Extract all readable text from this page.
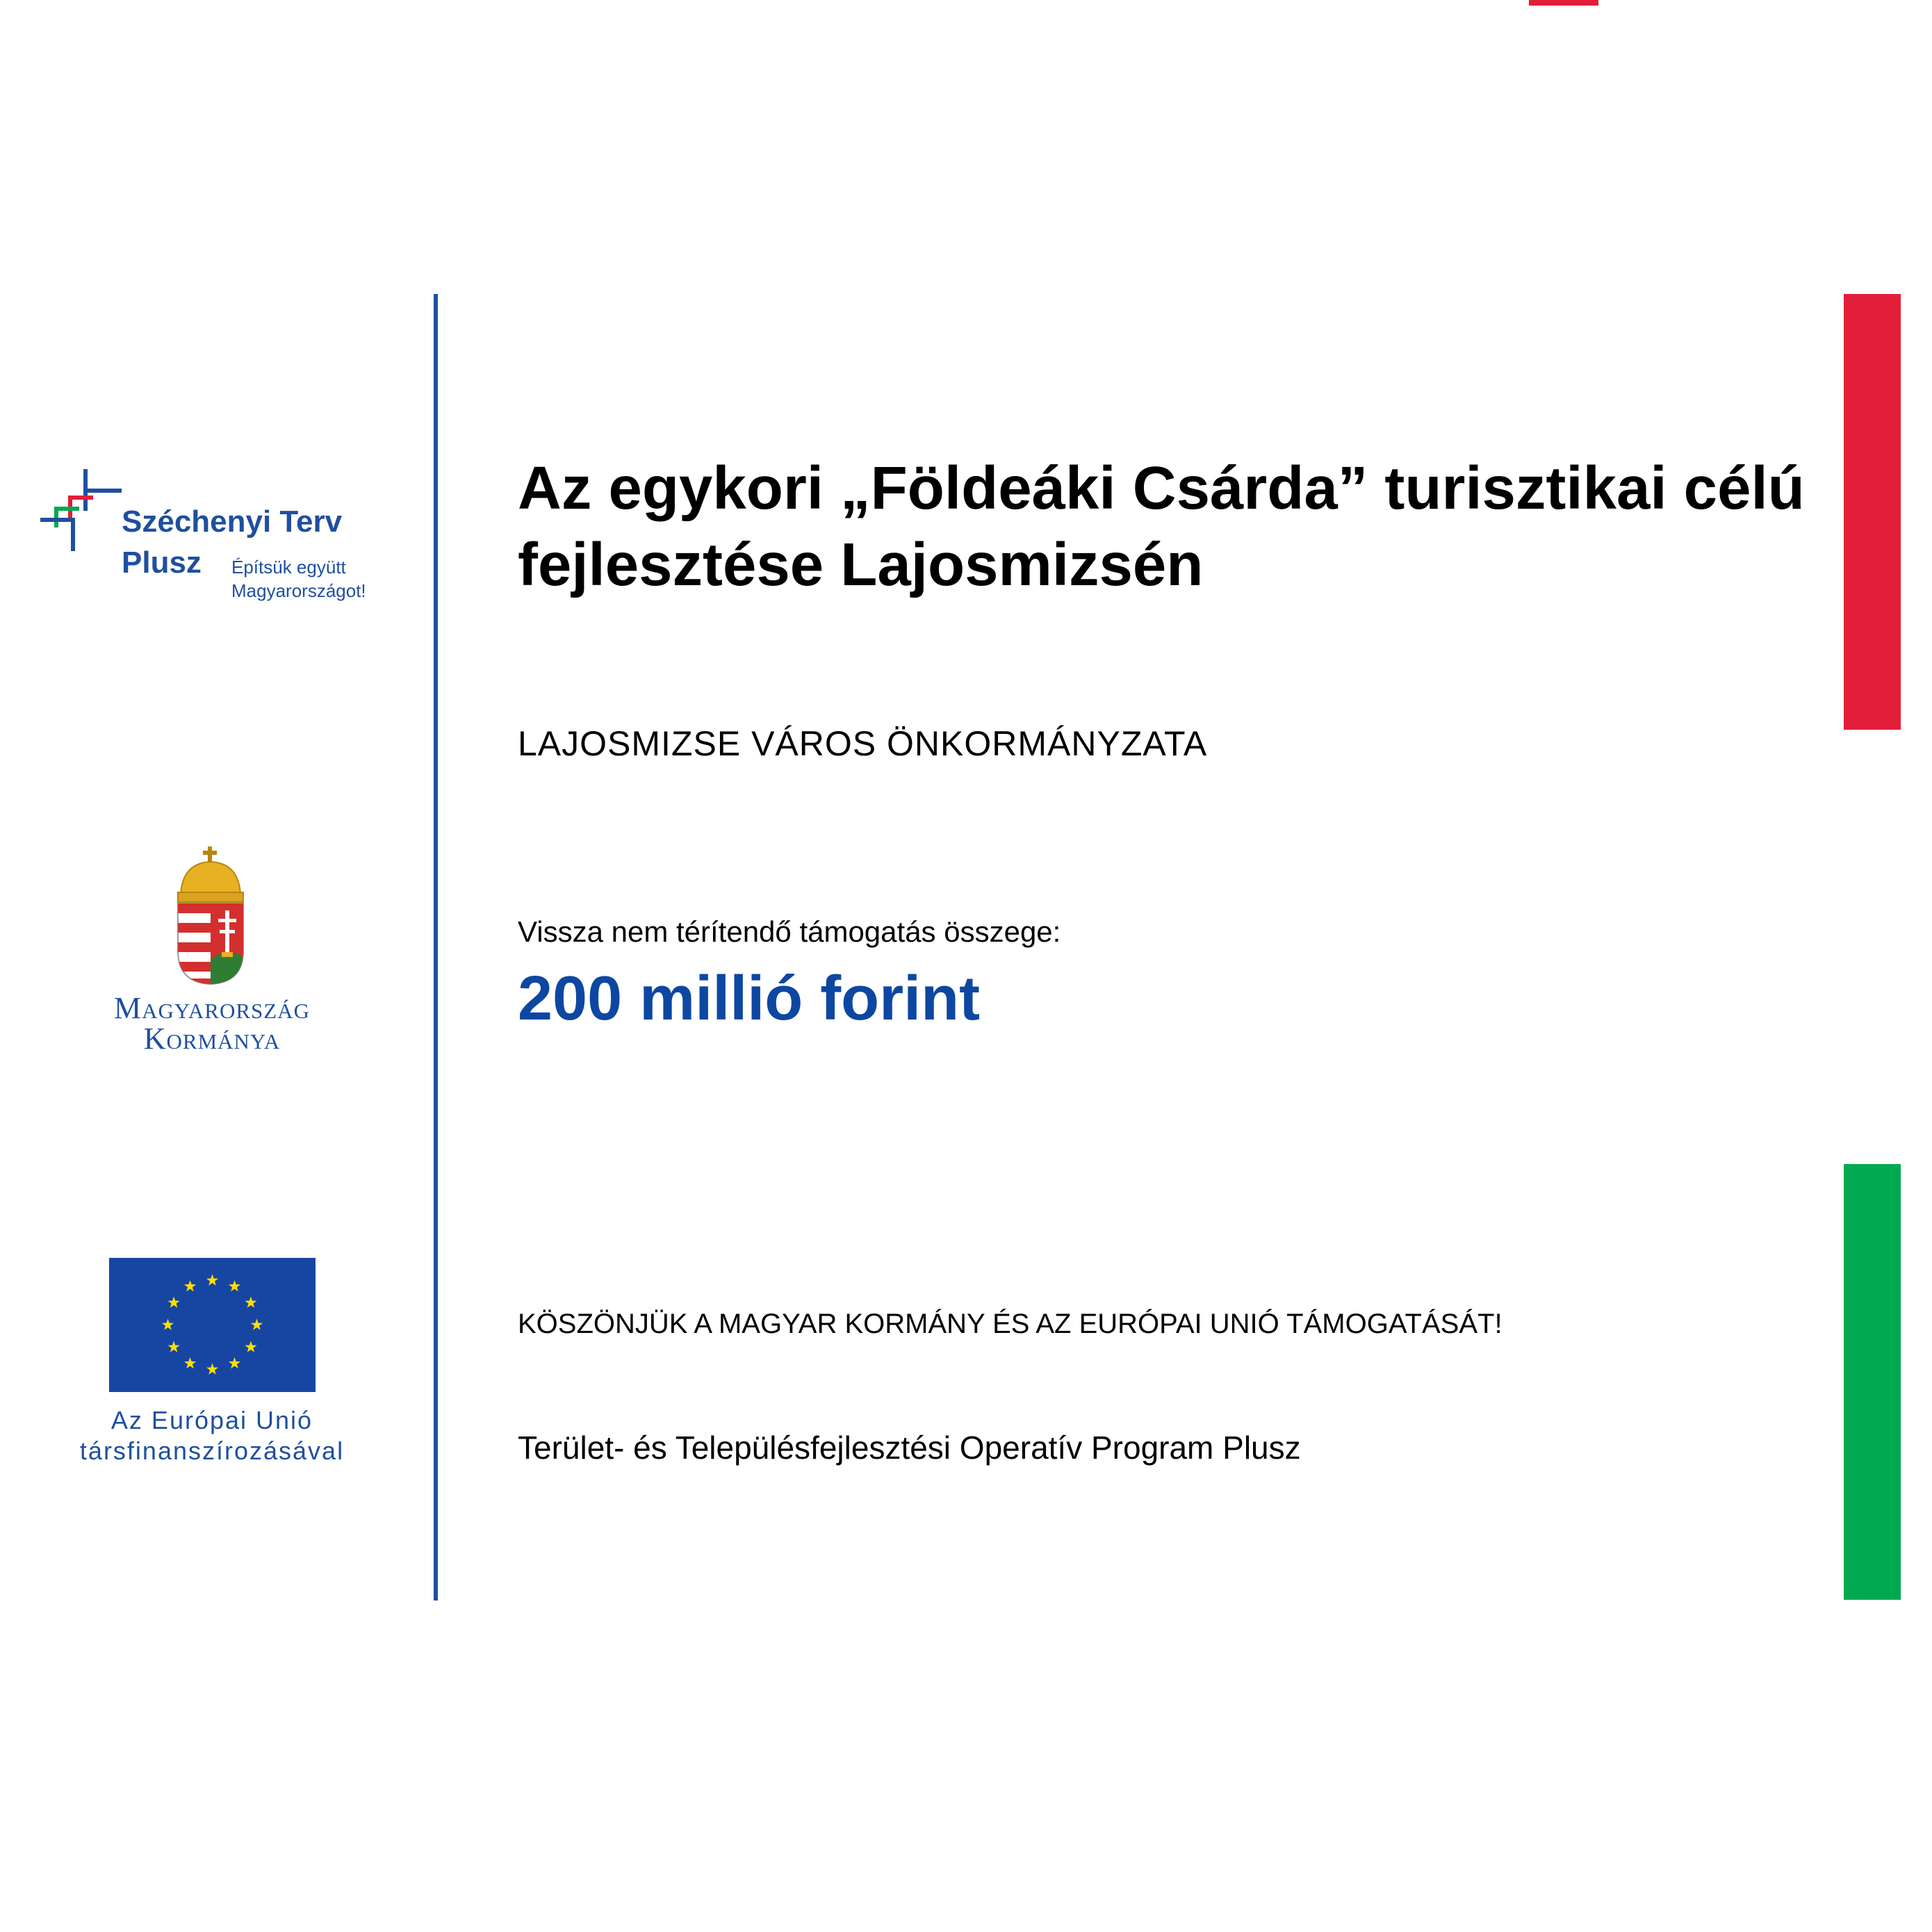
Széchenyi Terv
Plusz Építsük együtt
Magyarországot!
Magyarország
Kormánya
Az Európai Unió
társfinanszírozásával
Az egykori „Földeáki Csárda” turisztikai célú fejlesztése Lajosmizsén
LAJOSMIZSE VÁROS ÖNKORMÁNYZATA
Vissza nem térítendő támogatás összege:
200 millió forint
KÖSZÖNJÜK A MAGYAR KORMÁNY ÉS AZ EURÓPAI UNIÓ TÁMOGATÁSÁT!
Terület- és Településfejlesztési Operatív Program Plusz
